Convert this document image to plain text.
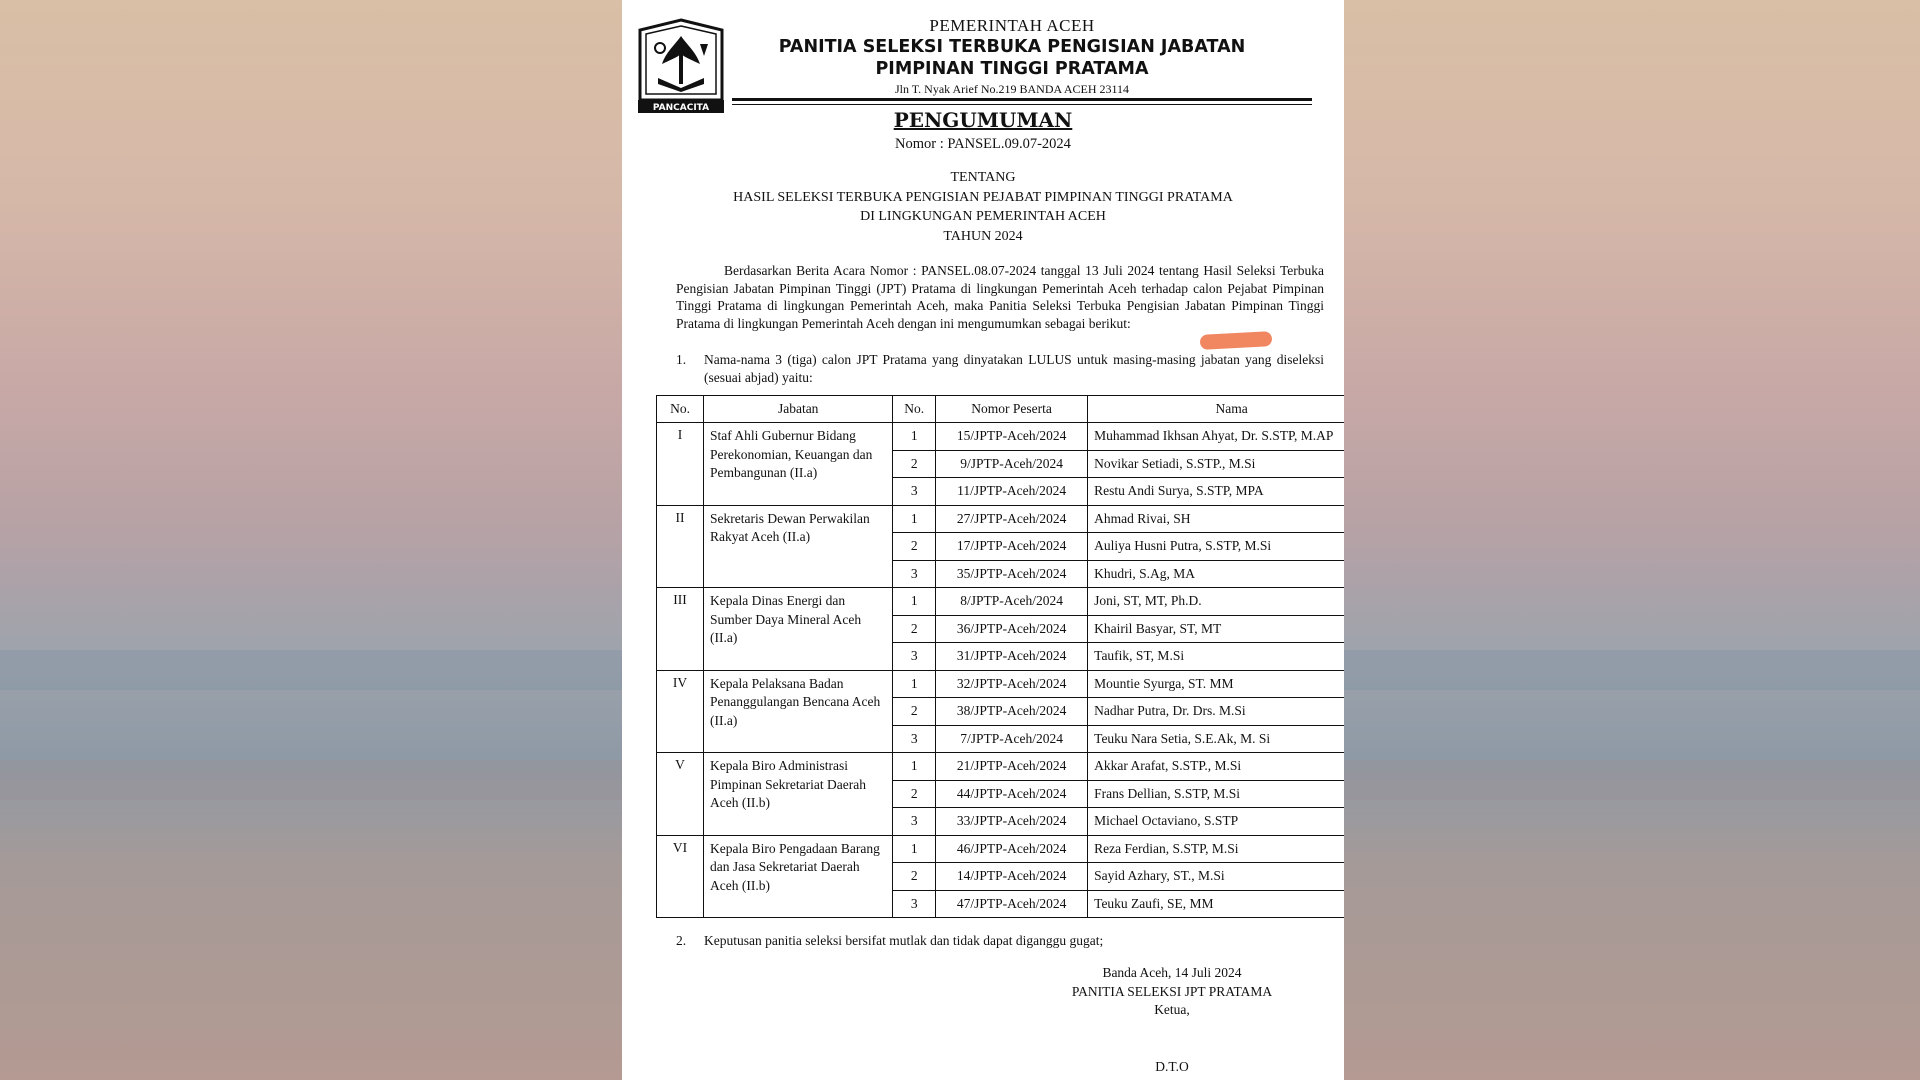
PANCACITA
PEMERINTAH ACEH
PANITIA SELEKSI TERBUKA PENGISIAN JABATAN
PIMPINAN TINGGI PRATAMA
Jln T. Nyak Arief No.219 BANDA ACEH 23114
PENGUMUMAN
Nomor : PANSEL.09.07-2024
TENTANG
HASIL SELEKSI TERBUKA PENGISIAN PEJABAT PIMPINAN TINGGI PRATAMA
DI LINGKUNGAN PEMERINTAH ACEH
TAHUN 2024
Berdasarkan Berita Acara Nomor : PANSEL.08.07-2024 tanggal 13 Juli 2024 tentang Hasil Seleksi Terbuka Pengisian Jabatan Pimpinan Tinggi (JPT) Pratama di lingkungan Pemerintah Aceh terhadap calon Pejabat Pimpinan Tinggi Pratama di lingkungan Pemerintah Aceh, maka Panitia Seleksi Terbuka Pengisian Jabatan Pimpinan Tinggi Pratama di lingkungan Pemerintah Aceh dengan ini mengumumkan sebagai berikut:
1.	Nama-nama 3 (tiga) calon JPT Pratama yang dinyatakan LULUS untuk masing-masing jabatan yang diseleksi (sesuai abjad) yaitu:
No.	Jabatan	No.	Nomor Peserta	Nama
I	Staf Ahli Gubernur Bidang Perekonomian, Keuangan dan Pembangunan (II.a)	1	15/JPTP-Aceh/2024	Muhammad Ikhsan Ahyat, Dr. S.STP, M.AP
		2	9/JPTP-Aceh/2024	Novikar Setiadi, S.STP., M.Si
		3	11/JPTP-Aceh/2024	Restu Andi Surya, S.STP, MPA
II	Sekretaris Dewan Perwakilan Rakyat Aceh (II.a)	1	27/JPTP-Aceh/2024	Ahmad Rivai, SH
		2	17/JPTP-Aceh/2024	Auliya Husni Putra, S.STP, M.Si
		3	35/JPTP-Aceh/2024	Khudri, S.Ag, MA
III	Kepala Dinas Energi dan Sumber Daya Mineral Aceh (II.a)	1	8/JPTP-Aceh/2024	Joni, ST, MT, Ph.D.
		2	36/JPTP-Aceh/2024	Khairil Basyar, ST, MT
		3	31/JPTP-Aceh/2024	Taufik, ST, M.Si
IV	Kepala Pelaksana Badan Penanggulangan Bencana Aceh (II.a)	1	32/JPTP-Aceh/2024	Mountie Syurga, ST. MM
		2	38/JPTP-Aceh/2024	Nadhar Putra, Dr. Drs. M.Si
		3	7/JPTP-Aceh/2024	Teuku Nara Setia, S.E.Ak, M. Si
V	Kepala Biro Administrasi Pimpinan Sekretariat Daerah Aceh (II.b)	1	21/JPTP-Aceh/2024	Akkar Arafat, S.STP., M.Si
		2	44/JPTP-Aceh/2024	Frans Dellian, S.STP, M.Si
		3	33/JPTP-Aceh/2024	Michael Octaviano, S.STP
VI	Kepala Biro Pengadaan Barang dan Jasa Sekretariat Daerah Aceh (II.b)	1	46/JPTP-Aceh/2024	Reza Ferdian, S.STP, M.Si
		2	14/JPTP-Aceh/2024	Sayid Azhary, ST., M.Si
		3	47/JPTP-Aceh/2024	Teuku Zaufi, SE, MM
2.	Keputusan panitia seleksi bersifat mutlak dan tidak dapat diganggu gugat;
Banda Aceh, 14 Juli 2024
PANITIA SELEKSI JPT PRATAMA
Ketua,
D.T.O
